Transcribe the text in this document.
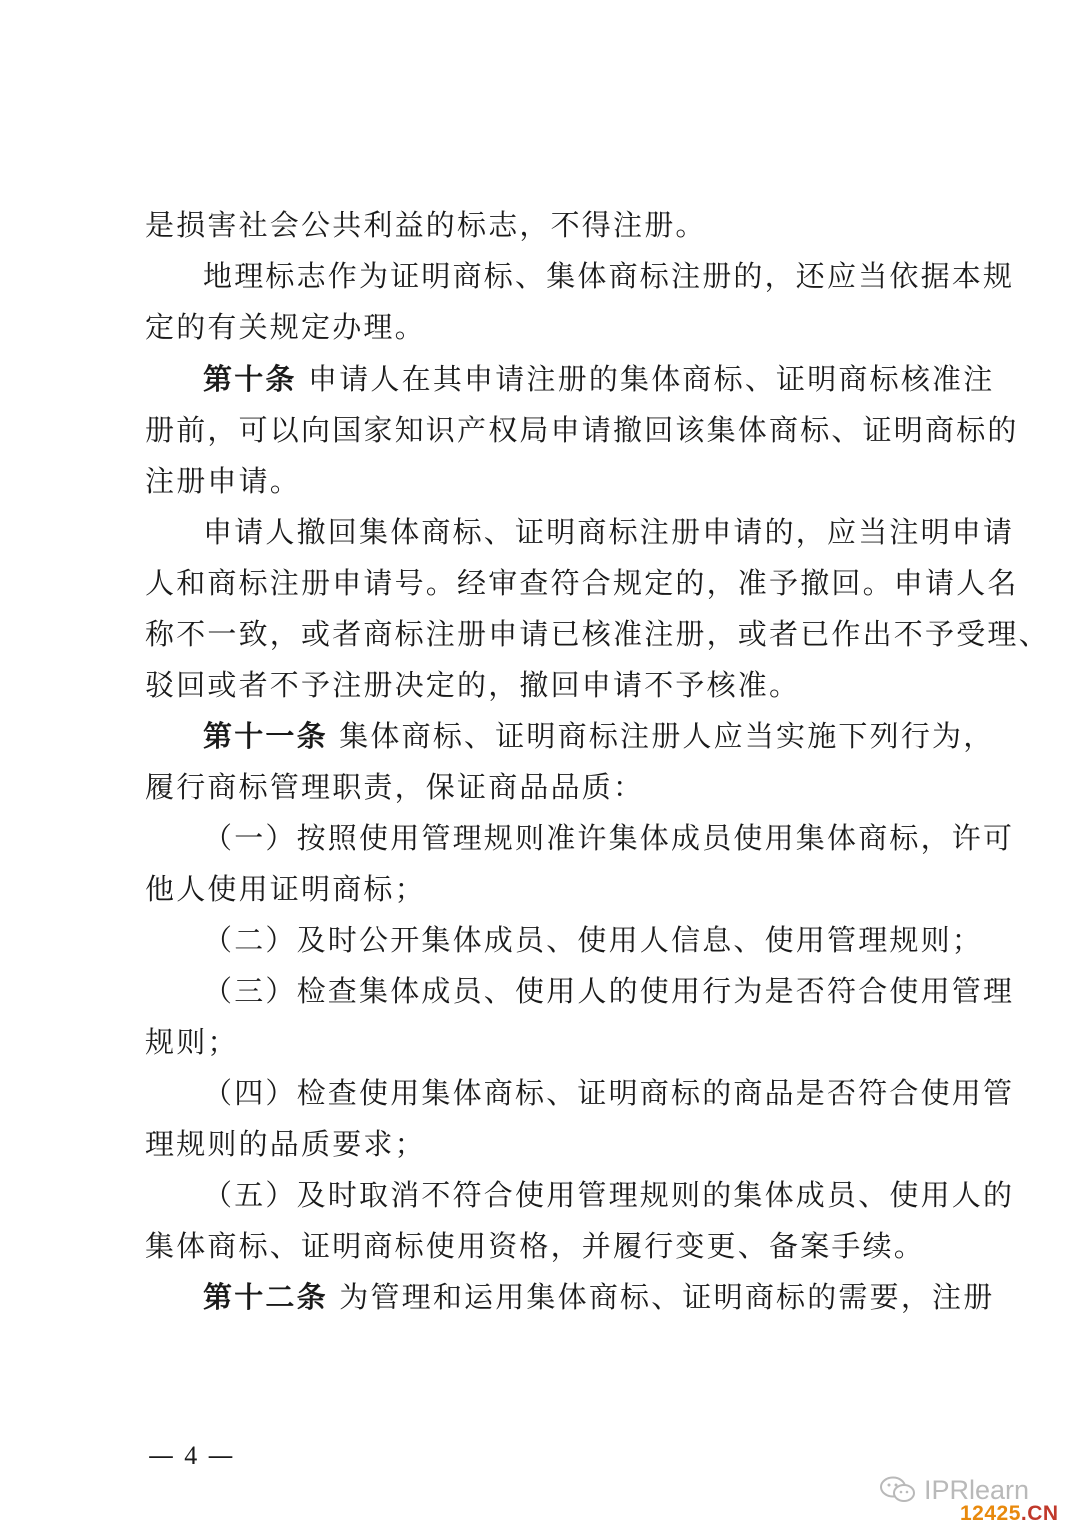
是损害社会公共利益的标志，不得注册。
地理标志作为证明商标、集体商标注册的，还应当依据本规
定的有关规定办理。
第十条 申请人在其申请注册的集体商标、证明商标核准注
册前，可以向国家知识产权局申请撤回该集体商标、证明商标的
注册申请。
申请人撤回集体商标、证明商标注册申请的，应当注明申请
人和商标注册申请号。经审查符合规定的，准予撤回。申请人名
称不一致，或者商标注册申请已核准注册，或者已作出不予受理、
驳回或者不予注册决定的，撤回申请不予核准。
第十一条 集体商标、证明商标注册人应当实施下列行为，
履行商标管理职责，保证商品品质：
（一）按照使用管理规则准许集体成员使用集体商标，许可
他人使用证明商标；
（二）及时公开集体成员、使用人信息、使用管理规则；
（三）检查集体成员、使用人的使用行为是否符合使用管理
规则；
（四）检查使用集体商标、证明商标的商品是否符合使用管
理规则的品质要求；
（五）及时取消不符合使用管理规则的集体成员、使用人的
集体商标、证明商标使用资格，并履行变更、备案手续。
第十二条 为管理和运用集体商标、证明商标的需要，注册
— 4 —
IPRlearn
12425.CN
